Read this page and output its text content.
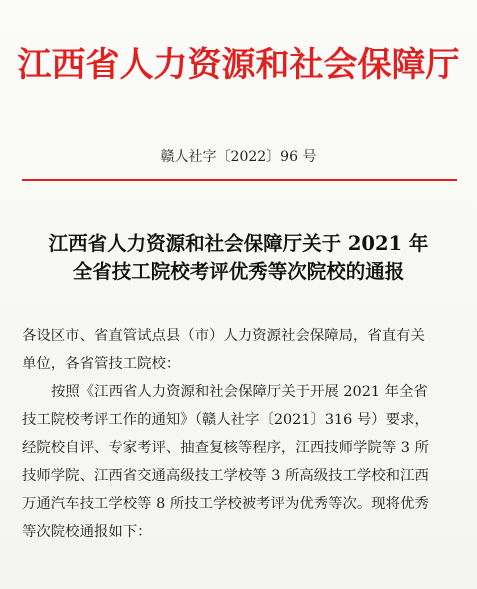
江西省人力资源和社会保障厅
赣人社字〔2022〕96 号
江西省人力资源和社会保障厅关于 2021 年
全省技工院校考评优秀等次院校的通报
各设区市、省直管试点县（市）人力资源社会保障局，省直有关
单位，各省管技工院校：
按照《江西省人力资源和社会保障厅关于开展 2021 年全省
技工院校考评工作的通知》（赣人社字〔2021〕316 号）要求，
经院校自评、专家考评、抽查复核等程序，江西技师学院等 3 所
技师学院、江西省交通高级技工学校等 3 所高级技工学校和江西
万通汽车技工学校等 8 所技工学校被考评为优秀等次。现将优秀
等次院校通报如下：
